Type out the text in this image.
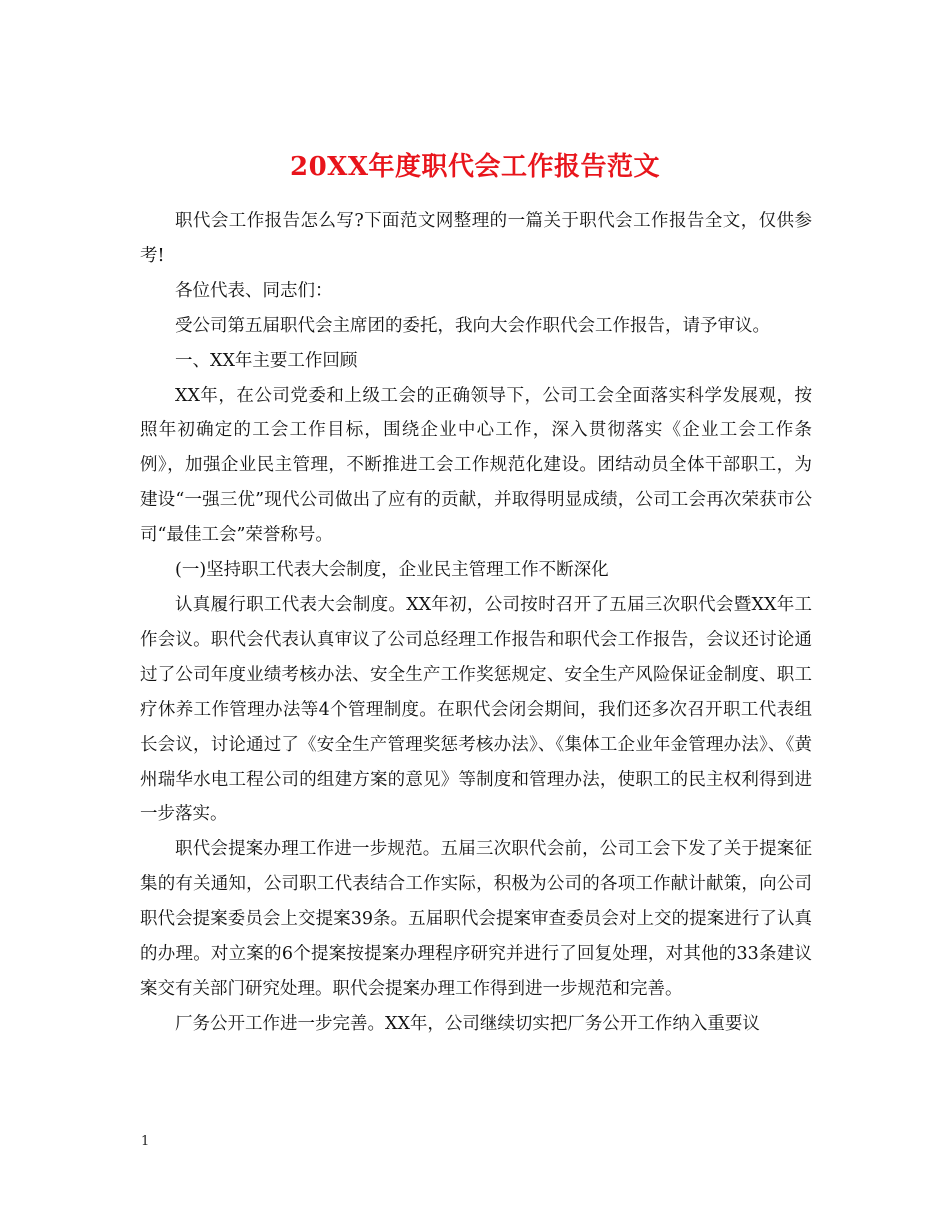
20XX年度职代会工作报告范文

职代会工作报告怎么写?下面范文网整理的一篇关于职代会工作报告全文，仅供参考!

各位代表、同志们：

受公司第五届职代会主席团的委托，我向大会作职代会工作报告，请予审议。

一、XX年主要工作回顾

XX年，在公司党委和上级工会的正确领导下，公司工会全面落实科学发展观，按照年初确定的工会工作目标，围绕企业中心工作，深入贯彻落实《企业工会工作条例》，加强企业民主管理，不断推进工会工作规范化建设。团结动员全体干部职工，为建设“一强三优”现代公司做出了应有的贡献，并取得明显成绩，公司工会再次荣获市公司“最佳工会”荣誉称号。

(一)坚持职工代表大会制度，企业民主管理工作不断深化

认真履行职工代表大会制度。XX年初，公司按时召开了五届三次职代会暨XX年工作会议。职代会代表认真审议了公司总经理工作报告和职代会工作报告，会议还讨论通过了公司年度业绩考核办法、安全生产工作奖惩规定、安全生产风险保证金制度、职工疗休养工作管理办法等4个管理制度。在职代会闭会期间，我们还多次召开职工代表组长会议，讨论通过了《安全生产管理奖惩考核办法》、《集体工企业年金管理办法》、《黄州瑞华水电工程公司的组建方案的意见》等制度和管理办法，使职工的民主权利得到进一步落实。

职代会提案办理工作进一步规范。五届三次职代会前，公司工会下发了关于提案征集的有关通知，公司职工代表结合工作实际，积极为公司的各项工作献计献策，向公司职代会提案委员会上交提案39条。五届职代会提案审查委员会对上交的提案进行了认真的办理。对立案的6个提案按提案办理程序研究并进行了回复处理，对其他的33条建议案交有关部门研究处理。职代会提案办理工作得到进一步规范和完善。

厂务公开工作进一步完善。XX年，公司继续切实把厂务公开工作纳入重要议

1
